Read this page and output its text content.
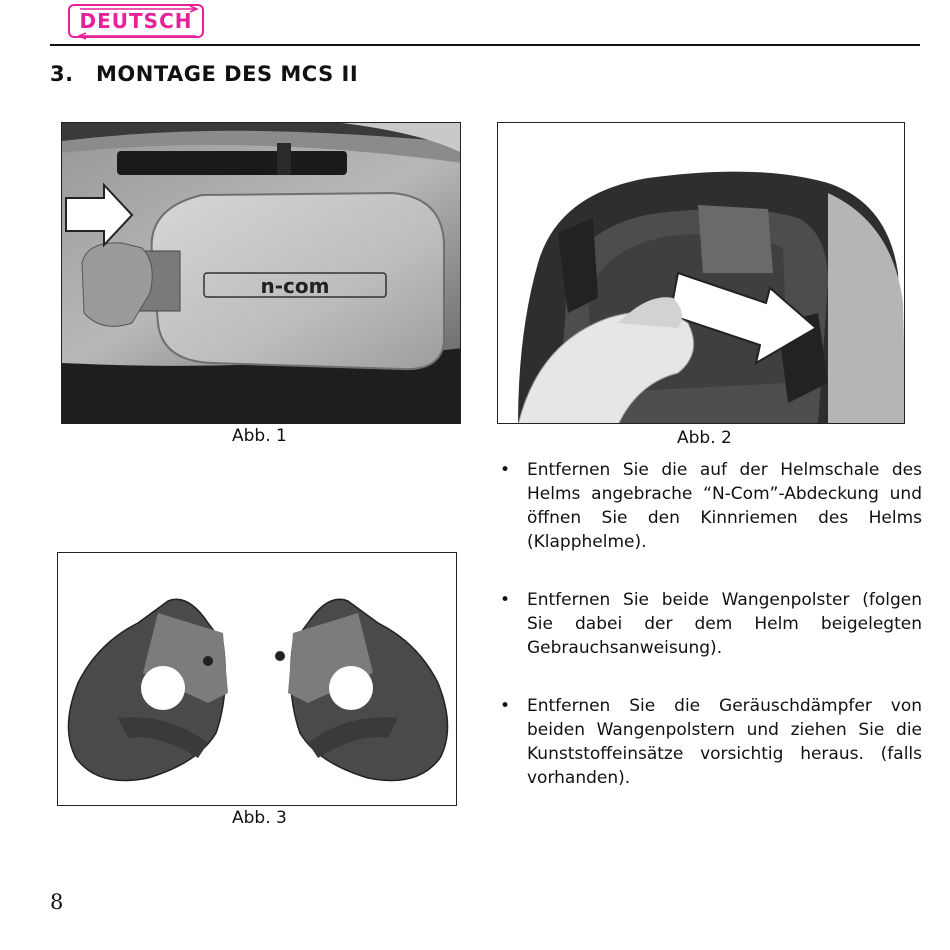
DEUTSCH
3. MONTAGE DES MCS II
n-com
Abb. 1	Abb. 2
Abb. 3
• Entfernen Sie die auf der Helmschale des Helms angebrache “N-Com”-Abdeckung und öffnen Sie den Kinnriemen des Helms (Klapphelme).
• Entfernen Sie beide Wangenpolster (folgen Sie dabei der dem Helm beigelegten Gebrauchsanweisung).
• Entfernen Sie die Geräuschdämpfer von beiden Wangenpolstern und ziehen Sie die Kunststoffeinsätze vorsichtig heraus. (falls vorhanden).
8
